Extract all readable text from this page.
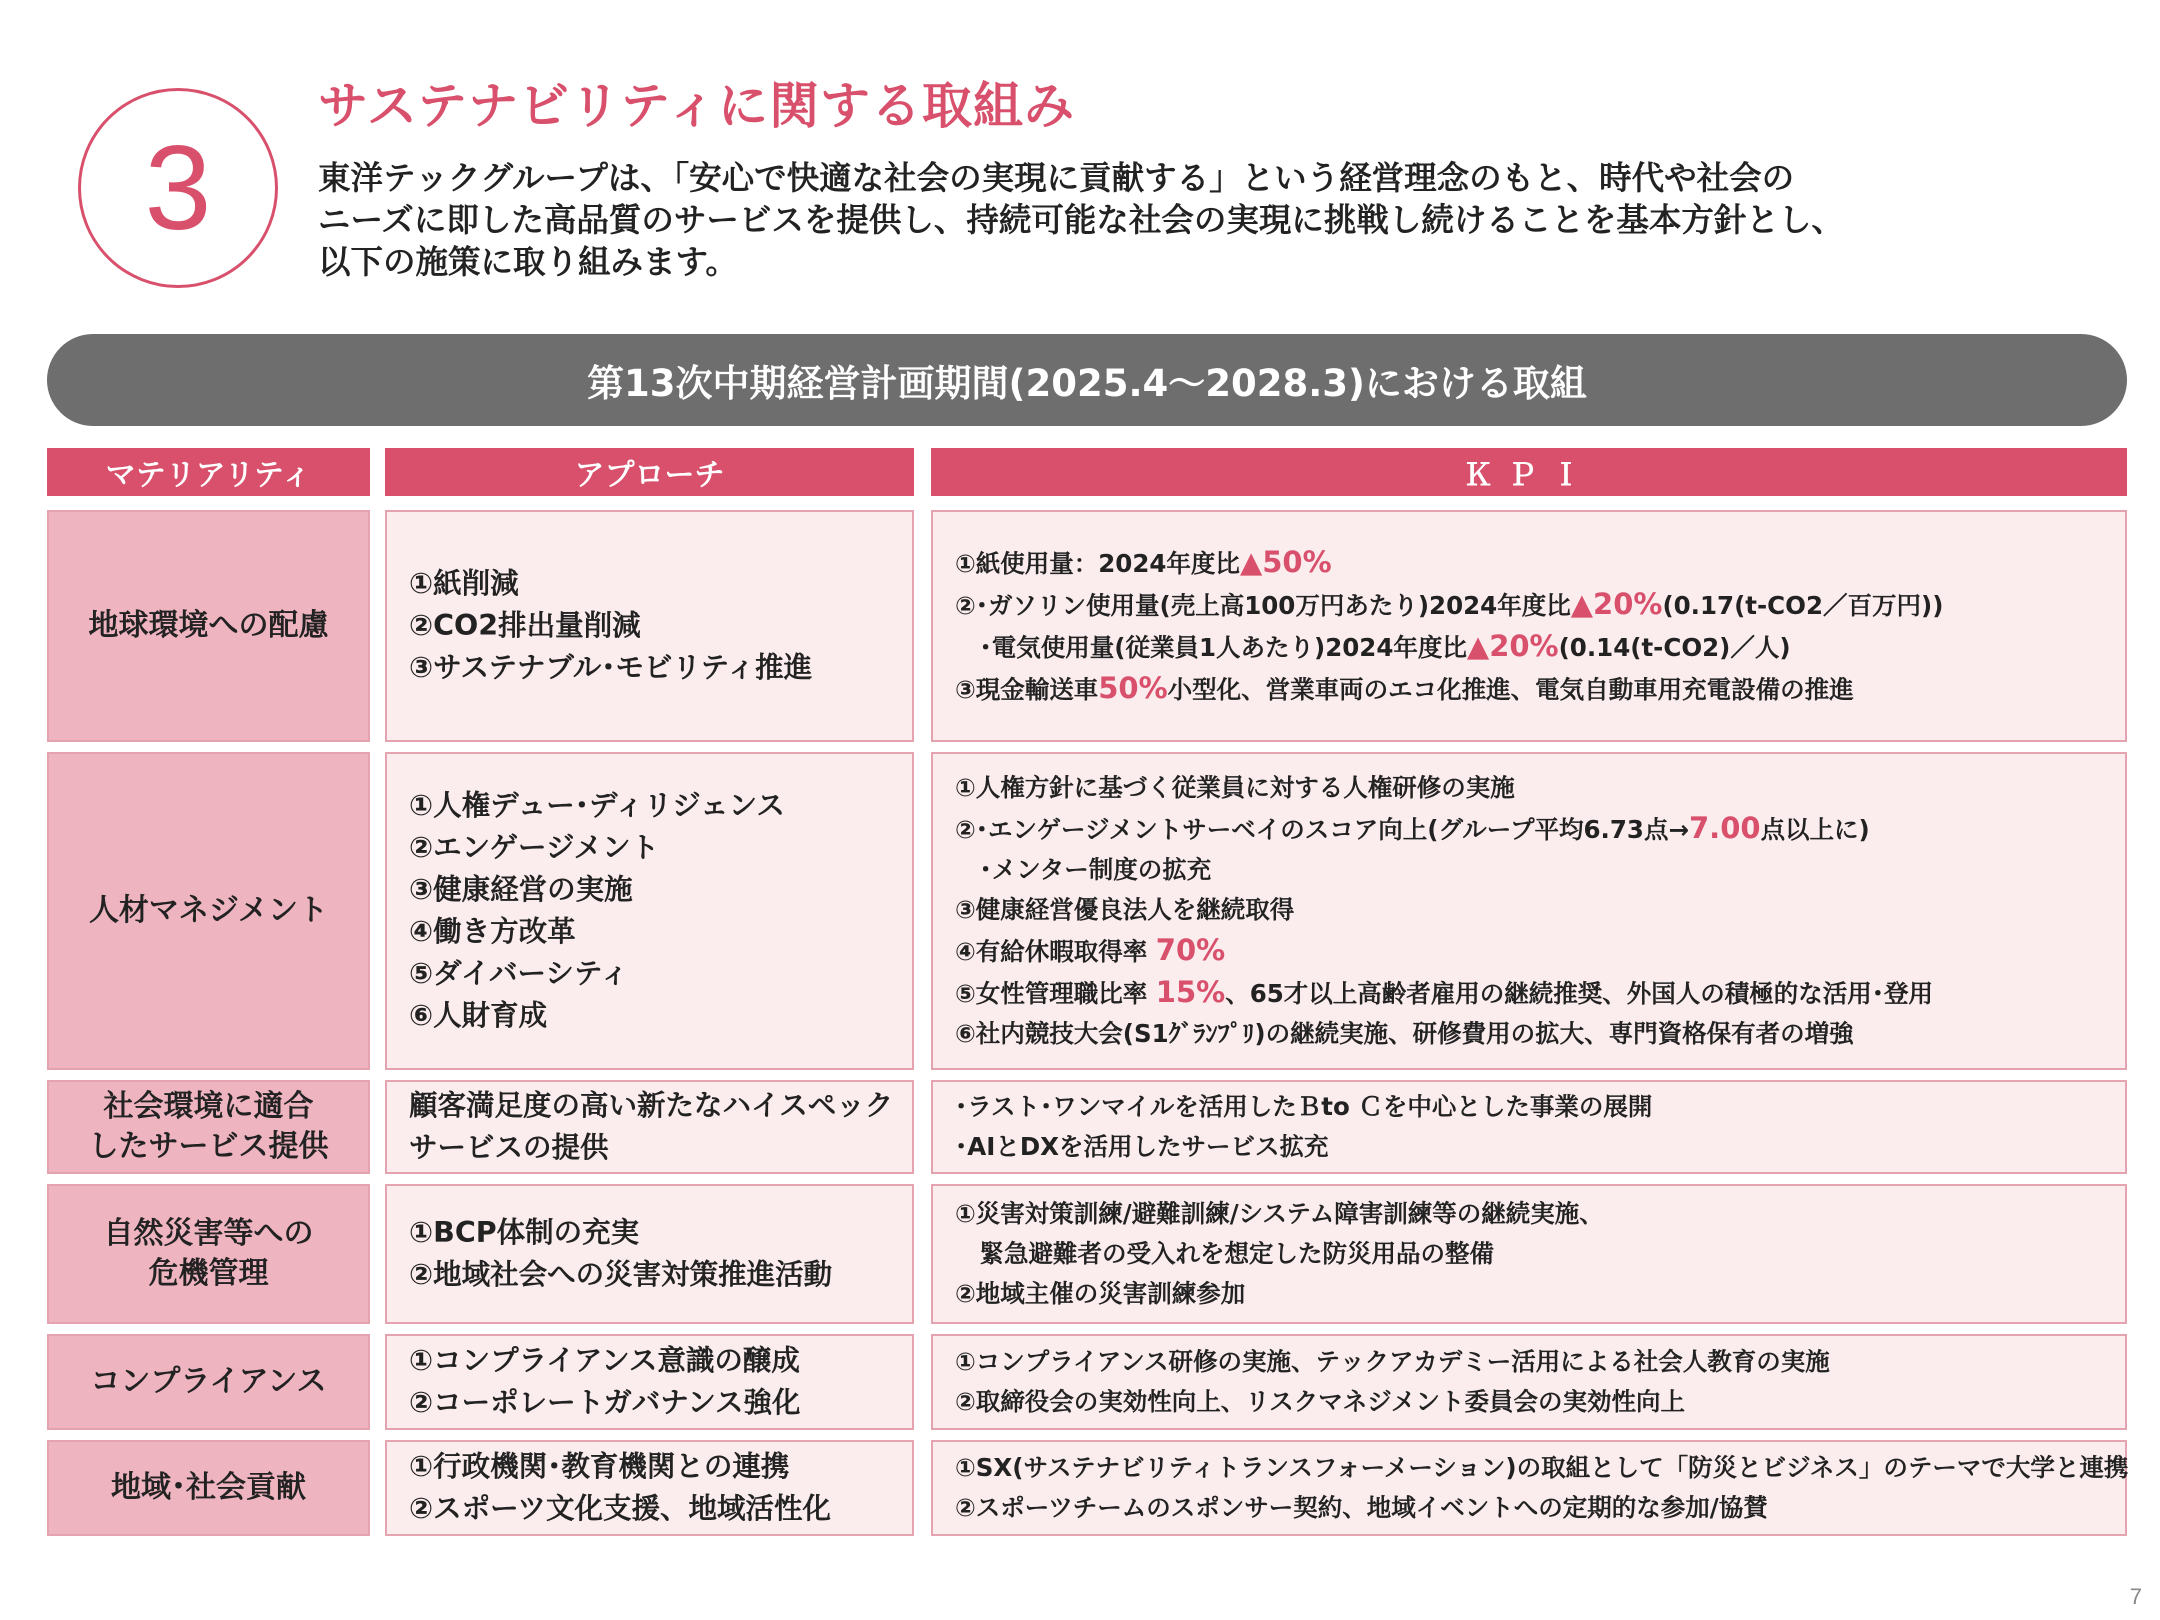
3
サステナビリティに関する取組み
東洋テックグループは、「安心で快適な社会の実現に貢献する」という経営理念のもと、時代や社会の
ニーズに即した高品質のサービスを提供し、持続可能な社会の実現に挑戦し続けることを基本方針とし、
以下の施策に取り組みます。
第13次中期経営計画期間(2025.4～2028.3)における取組
マテリアリティ	アプローチ	ＫＰＩ
地球環境への配慮
①紙削減
②CO2排出量削減
③サステナブル･モビリティ推進
①紙使用量：2024年度比▲50%
②･ガソリン使用量(売上高100万円あたり)2024年度比▲20%(0.17(t-CO2／百万円))
　･電気使用量(従業員1人あたり)2024年度比▲20%(0.14(t-CO2)／人)
③現金輸送車50%小型化、営業車両のエコ化推進、電気自動車用充電設備の推進
人材マネジメント
①人権デュー･ディリジェンス
②エンゲージメント
③健康経営の実施
④働き方改革
⑤ダイバーシティ
⑥人財育成
①人権方針に基づく従業員に対する人権研修の実施
②･エンゲージメントサーベイのスコア向上(グループ平均6.73点→7.00点以上に)
　･メンター制度の拡充
③健康経営優良法人を継続取得
④有給休暇取得率 70%
⑤女性管理職比率 15%、65才以上高齢者雇用の継続推奨、外国人の積極的な活用･登用
⑥社内競技大会(S1ｸﾞﾗﾝﾌﾟﾘ)の継続実施、研修費用の拡大、専門資格保有者の増強
社会環境に適合
したサービス提供
顧客満足度の高い新たなハイスペック
サービスの提供
･ラスト･ワンマイルを活用したＢto Ｃを中心とした事業の展開
･AIとDXを活用したサービス拡充
自然災害等への
危機管理
①BCP体制の充実
②地域社会への災害対策推進活動
①災害対策訓練/避難訓練/システム障害訓練等の継続実施、
　緊急避難者の受入れを想定した防災用品の整備
②地域主催の災害訓練参加
コンプライアンス
①コンプライアンス意識の醸成
②コーポレートガバナンス強化
①コンプライアンス研修の実施、テックアカデミー活用による社会人教育の実施
②取締役会の実効性向上、リスクマネジメント委員会の実効性向上
地域･社会貢献
①行政機関･教育機関との連携
②スポーツ文化支援、地域活性化
①SX(サステナビリティトランスフォーメーション)の取組として「防災とビジネス」のテーマで大学と連携
②スポーツチームのスポンサー契約、地域イベントへの定期的な参加/協賛
7
